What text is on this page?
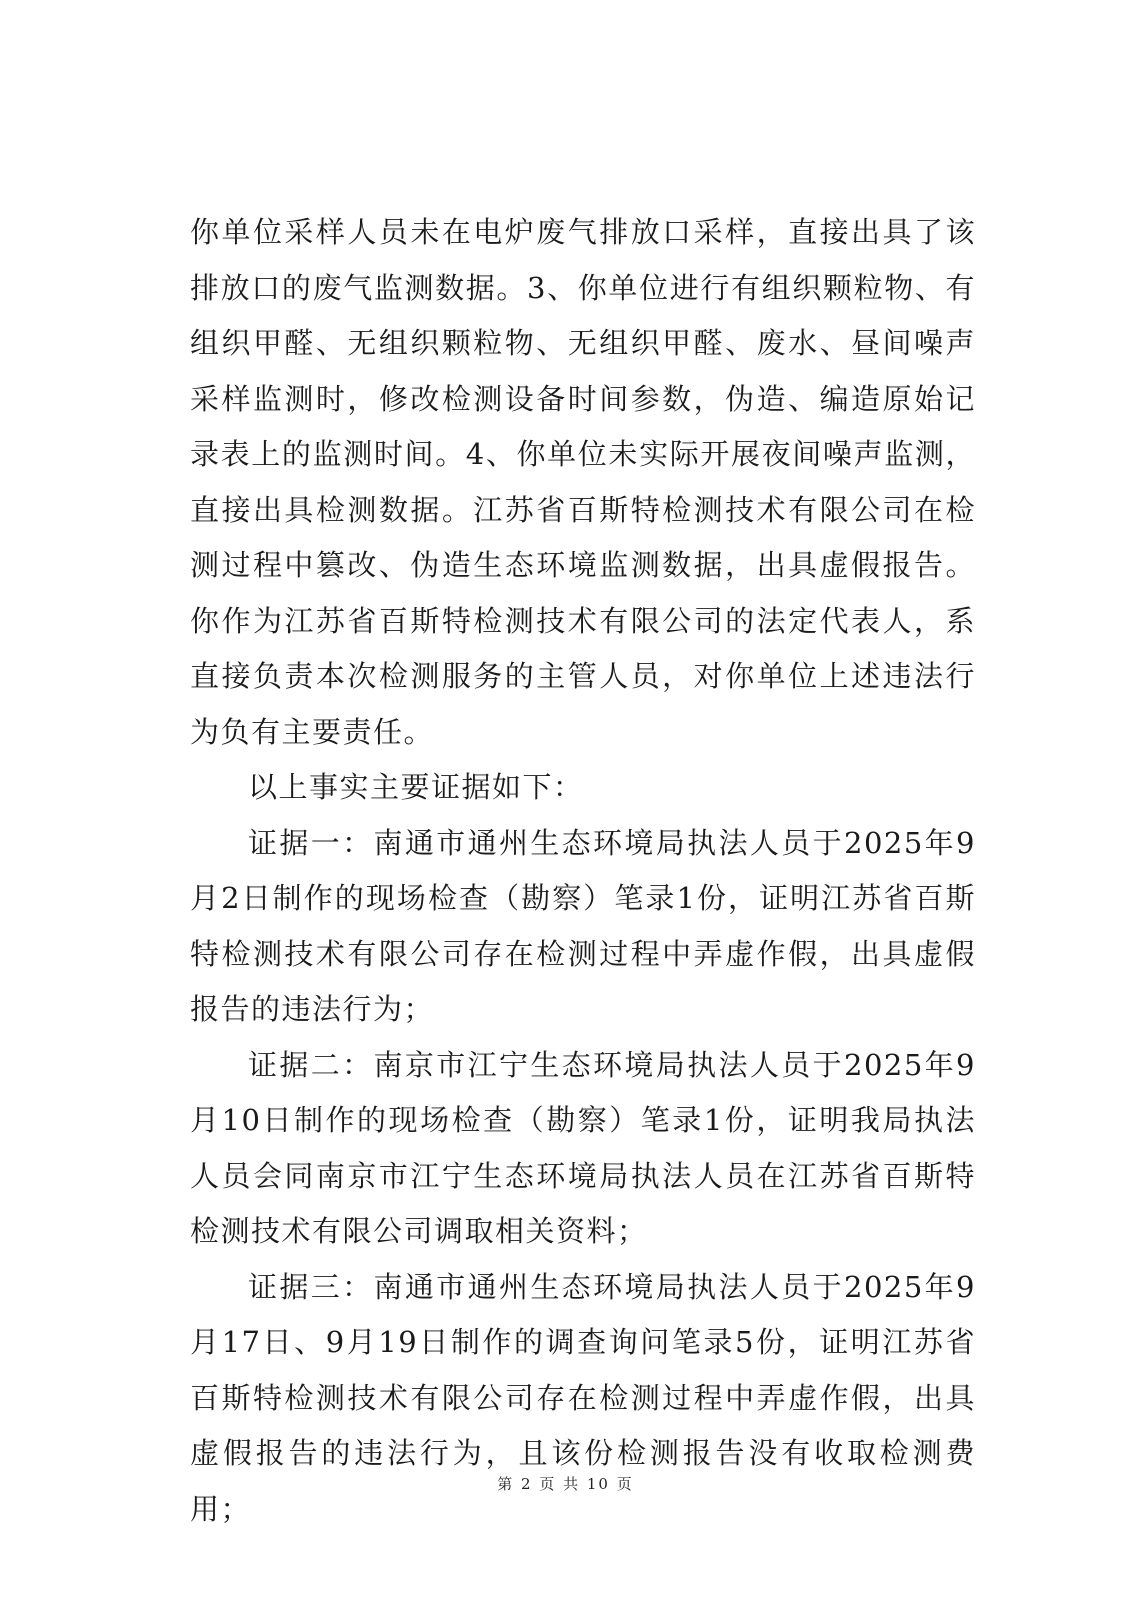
你单位采样人员未在电炉废气排放口采样，直接出具了该排放口的废气监测数据。3、你单位进行有组织颗粒物、有组织甲醛、无组织颗粒物、无组织甲醛、废水、昼间噪声采样监测时，修改检测设备时间参数，伪造、编造原始记录表上的监测时间。4、你单位未实际开展夜间噪声监测，直接出具检测数据。江苏省百斯特检测技术有限公司在检测过程中篡改、伪造生态环境监测数据，出具虚假报告。你作为江苏省百斯特检测技术有限公司的法定代表人，系直接负责本次检测服务的主管人员，对你单位上述违法行为负有主要责任。

以上事实主要证据如下：

证据一：南通市通州生态环境局执法人员于2025年9月2日制作的现场检查（勘察）笔录1份，证明江苏省百斯特检测技术有限公司存在检测过程中弄虚作假，出具虚假报告的违法行为；

证据二：南京市江宁生态环境局执法人员于2025年9月10日制作的现场检查（勘察）笔录1份，证明我局执法人员会同南京市江宁生态环境局执法人员在江苏省百斯特检测技术有限公司调取相关资料；

证据三：南通市通州生态环境局执法人员于2025年9月17日、9月19日制作的调查询问笔录5份，证明江苏省百斯特检测技术有限公司存在检测过程中弄虚作假，出具虚假报告的违法行为，且该份检测报告没有收取检测费用；

第 2 页 共 10 页
